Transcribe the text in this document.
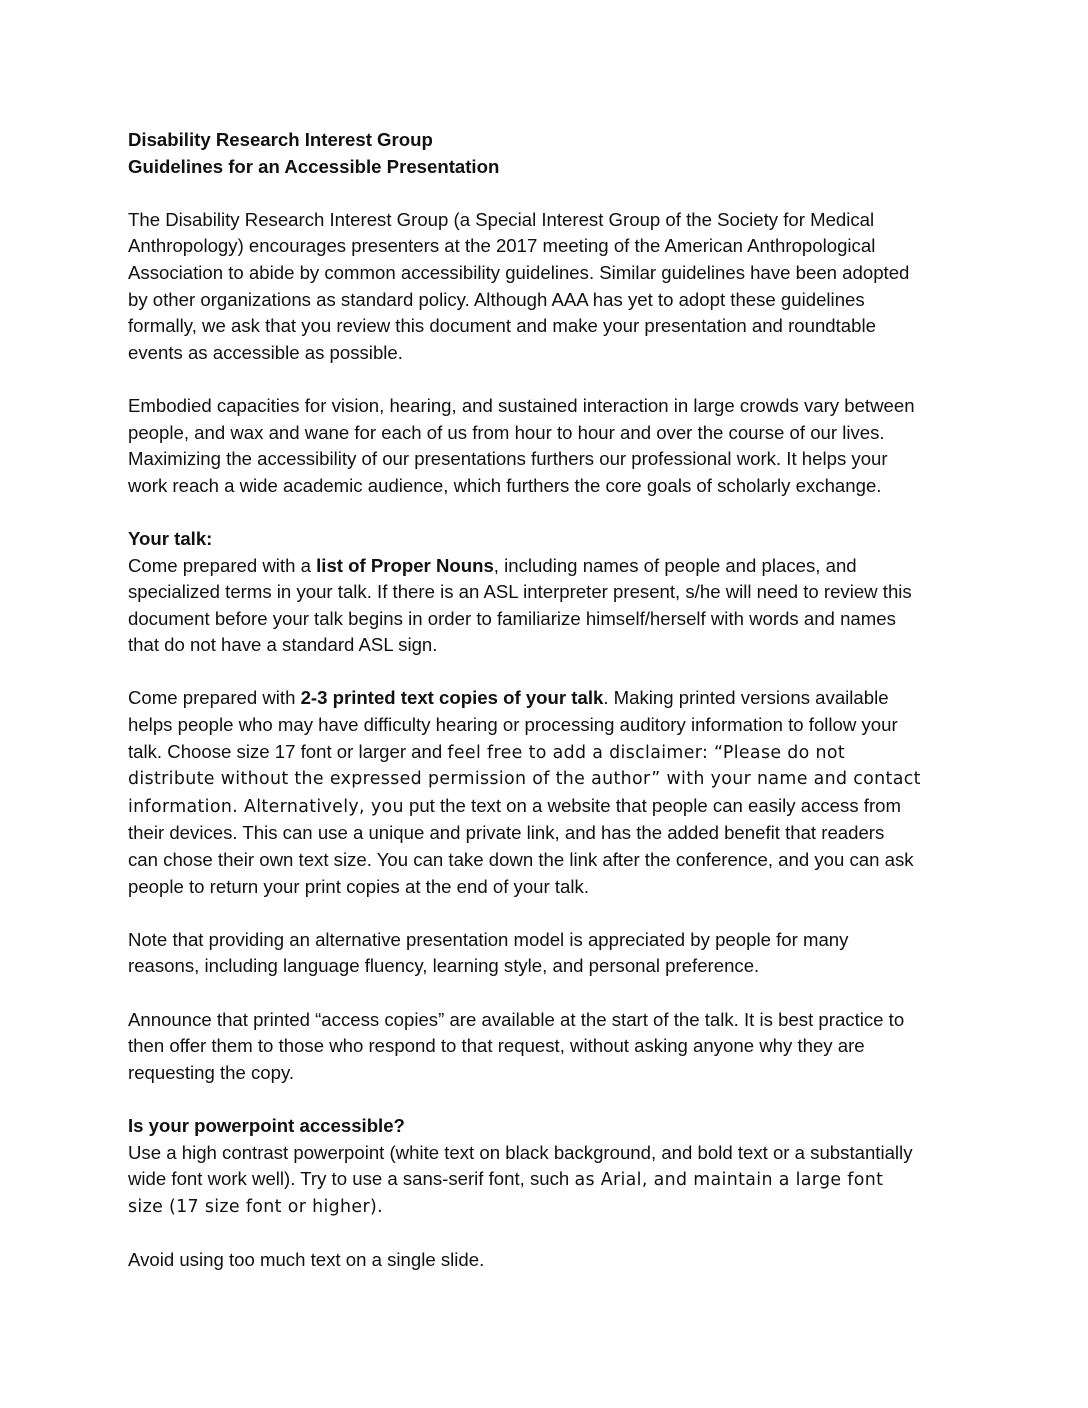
Disability Research Interest Group
Guidelines for an Accessible Presentation

The Disability Research Interest Group (a Special Interest Group of the Society for Medical
Anthropology) encourages presenters at the 2017 meeting of the American Anthropological
Association to abide by common accessibility guidelines. Similar guidelines have been adopted
by other organizations as standard policy. Although AAA has yet to adopt these guidelines
formally, we ask that you review this document and make your presentation and roundtable
events as accessible as possible.

Embodied capacities for vision, hearing, and sustained interaction in large crowds vary between
people, and wax and wane for each of us from hour to hour and over the course of our lives.
Maximizing the accessibility of our presentations furthers our professional work. It helps your
work reach a wide academic audience, which furthers the core goals of scholarly exchange.

Your talk:
Come prepared with a list of Proper Nouns, including names of people and places, and
specialized terms in your talk. If there is an ASL interpreter present, s/he will need to review this
document before your talk begins in order to familiarize himself/herself with words and names
that do not have a standard ASL sign.

Come prepared with 2-3 printed text copies of your talk. Making printed versions available
helps people who may have difficulty hearing or processing auditory information to follow your
talk. Choose size 17 font or larger and feel free to add a disclaimer: “Please do not
distribute without the expressed permission of the author” with your name and contact
information. Alternatively, you put the text on a website that people can easily access from
their devices. This can use a unique and private link, and has the added benefit that readers
can chose their own text size. You can take down the link after the conference, and you can ask
people to return your print copies at the end of your talk.

Note that providing an alternative presentation model is appreciated by people for many
reasons, including language fluency, learning style, and personal preference.

Announce that printed “access copies” are available at the start of the talk. It is best practice to
then offer them to those who respond to that request, without asking anyone why they are
requesting the copy.

Is your powerpoint accessible?
Use a high contrast powerpoint (white text on black background, and bold text or a substantially
wide font work well). Try to use a sans-serif font, such as Arial, and maintain a large font
size (17 size font or higher).

Avoid using too much text on a single slide.
